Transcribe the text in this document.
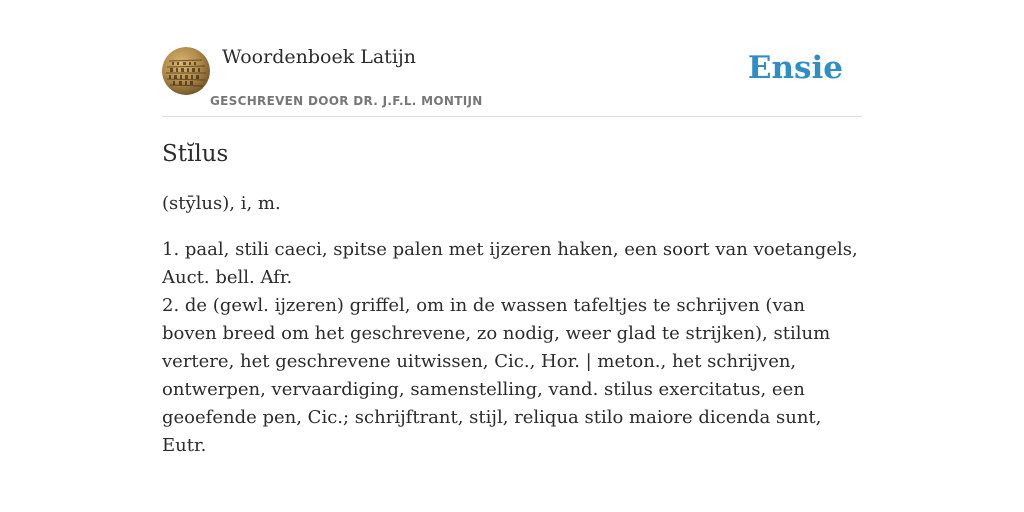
Woordenboek Latijn
GESCHREVEN DOOR DR. J.F.L. MONTIJN
Ensie
Stĭlus

(stȳlus), i, m.

1. paal, stili caeci, spitse palen met ijzeren haken, een soort van voetangels, Auct. bell. Afr.

2. de (gewl. ijzeren) griffel, om in de wassen tafeltjes te schrijven (van boven breed om het geschrevene, zo nodig, weer glad te strijken), stilum vertere, het geschrevene uitwissen, Cic., Hor. | meton., het schrijven, ontwerpen, vervaardiging, samenstelling, vand. stilus exercitatus, een geoefende pen, Cic.; schrijftrant, stijl, reliqua stilo maiore dicenda sunt, Eutr.
